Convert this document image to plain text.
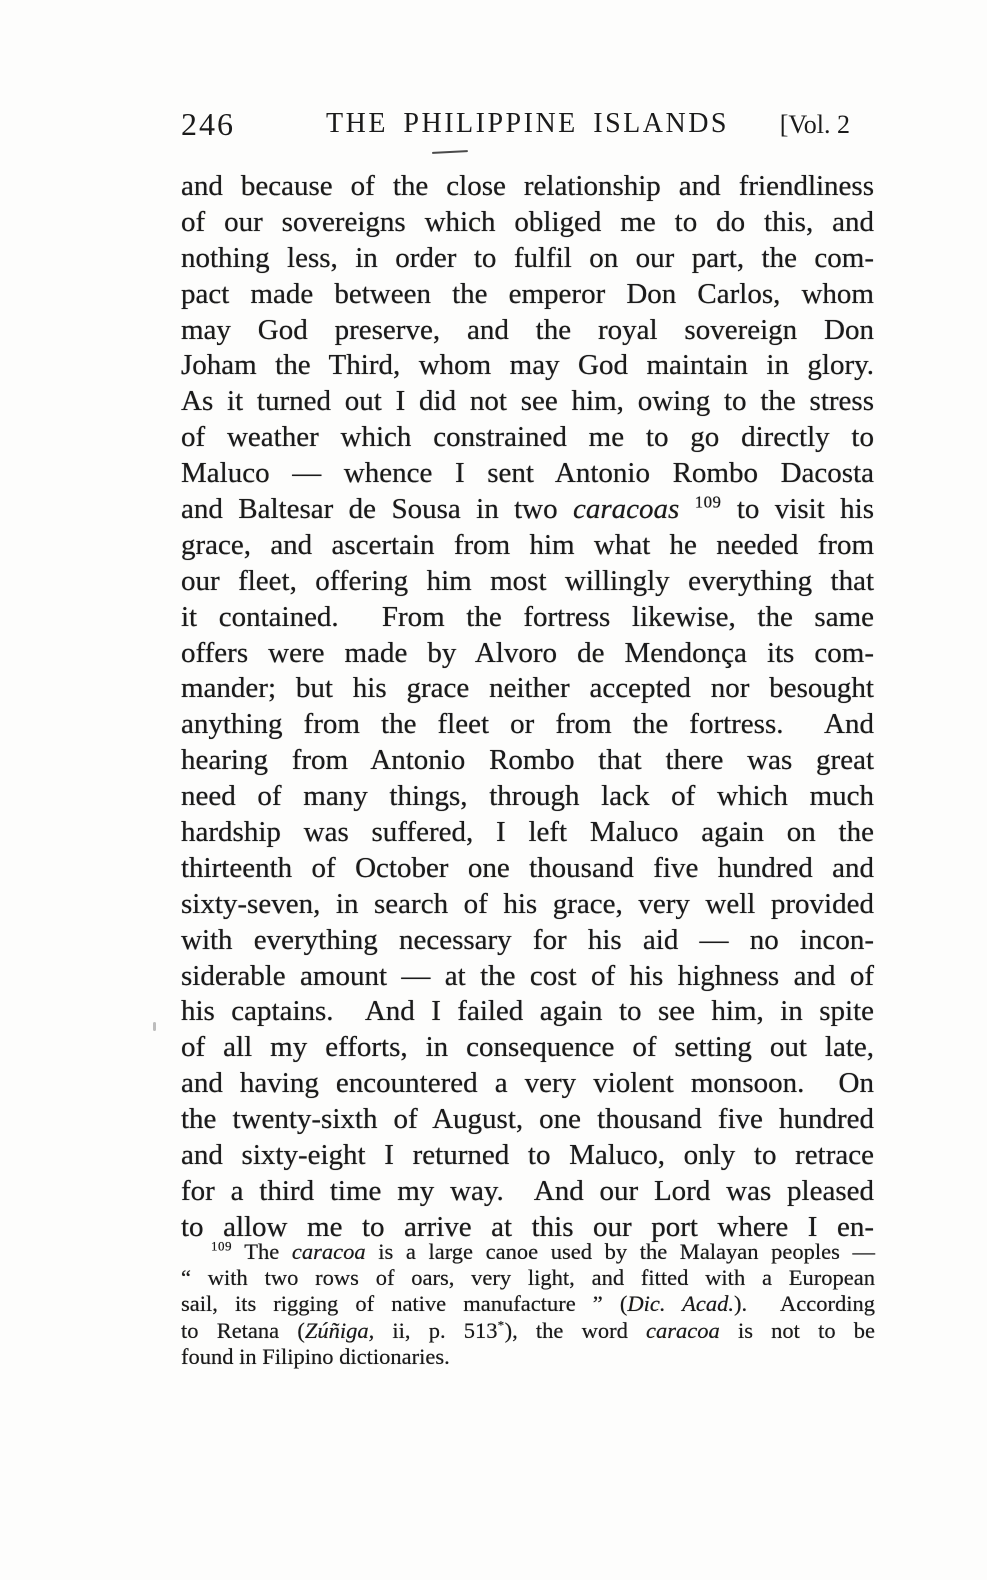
246	THE PHILIPPINE ISLANDS	[Vol. 2
and because of the close relationship and friendliness
of our sovereigns which obliged me to do this, and
nothing less, in order to fulfil on our part, the com-
pact made between the emperor Don Carlos, whom
may God preserve, and the royal sovereign Don
Joham the Third, whom may God maintain in glory.
As it turned out I did not see him, owing to the stress
of weather which constrained me to go directly to
Maluco — whence I sent Antonio Rombo Dacosta
and Baltesar de Sousa in two caracoas $^{109}$ to visit his
grace, and ascertain from him what he needed from
our fleet, offering him most willingly everything that
it contained.  From the fortress likewise, the same
offers were made by Alvoro de Mendonça its com-
mander; but his grace neither accepted nor besought
anything from the fleet or from the fortress.  And
hearing from Antonio Rombo that there was great
need of many things, through lack of which much
hardship was suffered, I left Maluco again on the
thirteenth of October one thousand five hundred and
sixty-seven, in search of his grace, very well provided
with everything necessary for his aid — no incon-
siderable amount — at the cost of his highness and of
his captains.  And I failed again to see him, in spite
of all my efforts, in consequence of setting out late,
and having encountered a very violent monsoon.  On
the twenty-sixth of August, one thousand five hundred
and sixty-eight I returned to Maluco, only to retrace
for a third time my way.  And our Lord was pleased
to allow me to arrive at this our port where I en-
$^{109}$ The caracoa is a large canoe used by the Malayan peoples —
“ with two rows of oars, very light, and fitted with a European
sail, its rigging of native manufacture ” (Dic. Acad.).  According
to Retana (Zúñiga, ii, p. 513*), the word caracoa is not to be
found in Filipino dictionaries.
